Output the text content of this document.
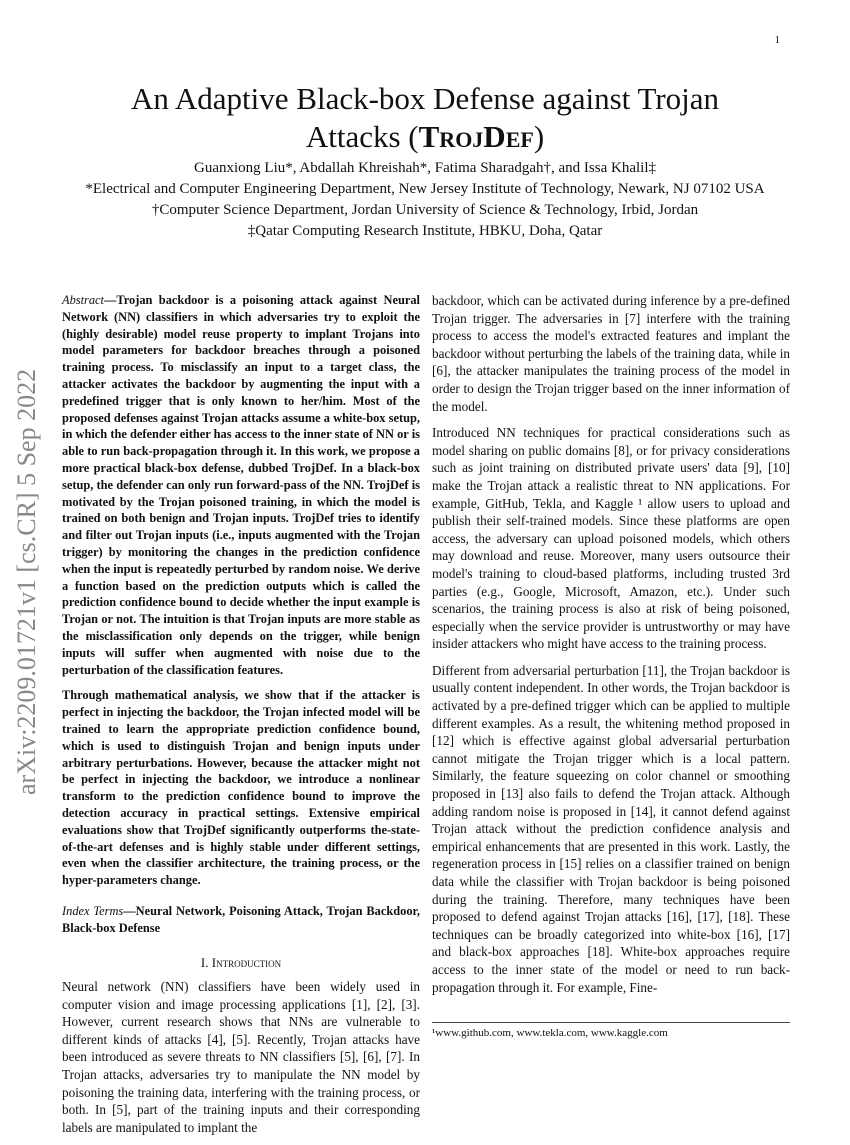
1
arXiv:2209.01721v1 [cs.CR] 5 Sep 2022
An Adaptive Black-box Defense against Trojan
Attacks (TrojDef)
Guanxiong Liu*, Abdallah Khreishah*, Fatima Sharadgah†, and Issa Khalil‡
*Electrical and Computer Engineering Department, New Jersey Institute of Technology, Newark, NJ 07102 USA
†Computer Science Department, Jordan University of Science & Technology, Irbid, Jordan
‡Qatar Computing Research Institute, HBKU, Doha, Qatar

Abstract—Trojan backdoor is a poisoning attack against Neural Network (NN) classifiers in which adversaries try to exploit the (highly desirable) model reuse property to implant Trojans into model parameters for backdoor breaches through a poisoned training process. To misclassify an input to a target class, the attacker activates the backdoor by augmenting the input with a predefined trigger that is only known to her/him. Most of the proposed defenses against Trojan attacks assume a white-box setup, in which the defender either has access to the inner state of NN or is able to run back-propagation through it. In this work, we propose a more practical black-box defense, dubbed TrojDef. In a black-box setup, the defender can only run forward-pass of the NN. TrojDef is motivated by the Trojan poisoned training, in which the model is trained on both benign and Trojan inputs. TrojDef tries to identify and filter out Trojan inputs (i.e., inputs augmented with the Trojan trigger) by monitoring the changes in the prediction confidence when the input is repeatedly perturbed by random noise. We derive a function based on the prediction outputs which is called the prediction confidence bound to decide whether the input example is Trojan or not. The intuition is that Trojan inputs are more stable as the misclassification only depends on the trigger, while benign inputs will suffer when augmented with noise due to the perturbation of the classification features.

Through mathematical analysis, we show that if the attacker is perfect in injecting the backdoor, the Trojan infected model will be trained to learn the appropriate prediction confidence bound, which is used to distinguish Trojan and benign inputs under arbitrary perturbations. However, because the attacker might not be perfect in injecting the backdoor, we introduce a nonlinear transform to the prediction confidence bound to improve the detection accuracy in practical settings. Extensive empirical evaluations show that TrojDef significantly outperforms the-state-of-the-art defenses and is highly stable under different settings, even when the classifier architecture, the training process, or the hyper-parameters change.

Index Terms—Neural Network, Poisoning Attack, Trojan Backdoor, Black-box Defense

I. Introduction

Neural network (NN) classifiers have been widely used in computer vision and image processing applications [1], [2], [3]. However, current research shows that NNs are vulnerable to different kinds of attacks [4], [5]. Recently, Trojan attacks have been introduced as severe threats to NN classifiers [5], [6], [7]. In Trojan attacks, adversaries try to manipulate the NN model by poisoning the training data, interfering with the training process, or both. In [5], part of the training inputs and their corresponding labels are manipulated to implant the

backdoor, which can be activated during inference by a pre-defined Trojan trigger. The adversaries in [7] interfere with the training process to access the model's extracted features and implant the backdoor without perturbing the labels of the training data, while in [6], the attacker manipulates the training process of the model in order to design the Trojan trigger based on the inner information of the model.

Introduced NN techniques for practical considerations such as model sharing on public domains [8], or for privacy considerations such as joint training on distributed private users' data [9], [10] make the Trojan attack a realistic threat to NN applications. For example, GitHub, Tekla, and Kaggle ¹ allow users to upload and publish their self-trained models. Since these platforms are open access, the adversary can upload poisoned models, which others may download and reuse. Moreover, many users outsource their model's training to cloud-based platforms, including trusted 3rd parties (e.g., Google, Microsoft, Amazon, etc.). Under such scenarios, the training process is also at risk of being poisoned, especially when the service provider is untrustworthy or may have insider attackers who might have access to the training process.

Different from adversarial perturbation [11], the Trojan backdoor is usually content independent. In other words, the Trojan backdoor is activated by a pre-defined trigger which can be applied to multiple different examples. As a result, the whitening method proposed in [12] which is effective against global adversarial perturbation cannot mitigate the Trojan trigger which is a local pattern. Similarly, the feature squeezing on color channel or smoothing proposed in [13] also fails to defend the Trojan attack. Although adding random noise is proposed in [14], it cannot defend against Trojan attack without the prediction confidence analysis and empirical enhancements that are presented in this work. Lastly, the regeneration process in [15] relies on a classifier trained on benign data while the classifier with Trojan backdoor is being poisoned during the training. Therefore, many techniques have been proposed to defend against Trojan attacks [16], [17], [18]. These techniques can be broadly categorized into white-box [16], [17] and black-box approaches [18]. White-box approaches require access to the inner state of the model or need to run back-propagation through it. For example, Fine-

¹www.github.com, www.tekla.com, www.kaggle.com
